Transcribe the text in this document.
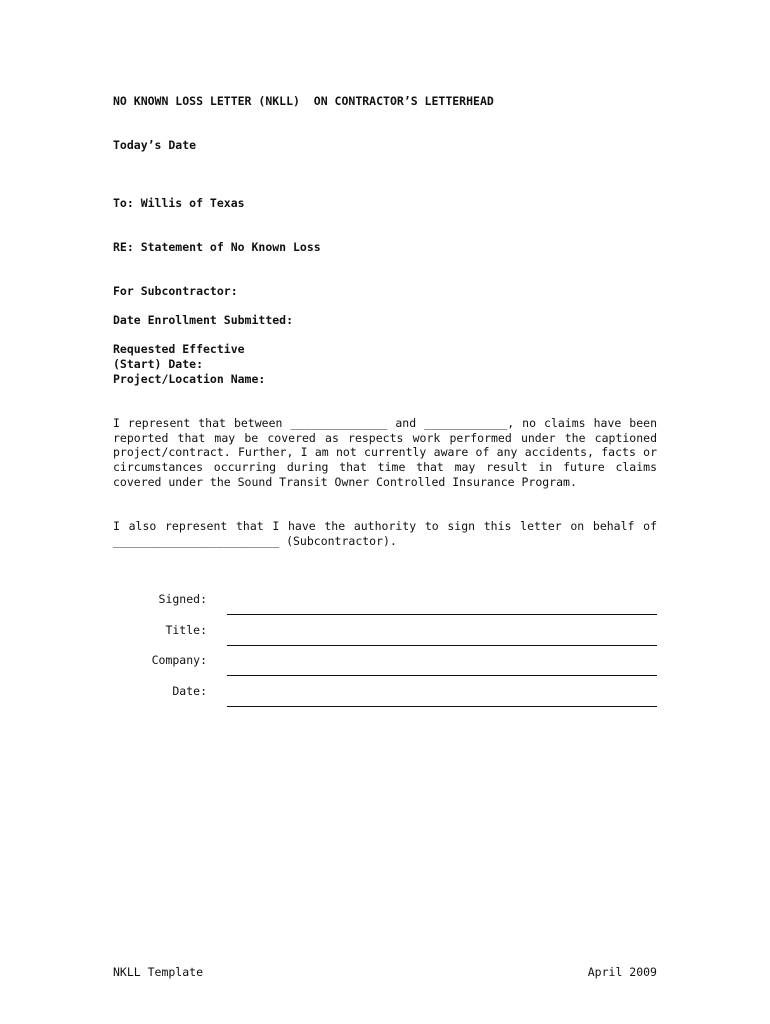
NO KNOWN LOSS LETTER (NKLL)  ON CONTRACTOR’S LETTERHEAD
Today’s Date
To: Willis of Texas
RE: Statement of No Known Loss
For Subcontractor:
Date Enrollment Submitted:
Requested Effective
(Start) Date:
Project/Location Name:

I represent that between ______________ and ____________, no claims have been reported that may be covered as respects work performed under the captioned project/contract. Further, I am not currently aware of any accidents, facts or circumstances occurring during that time that may result in future claims covered under the Sound Transit Owner Controlled Insurance Program.

I also represent that I have the authority to sign this letter on behalf of ________________________ (Subcontractor).

Signed:
Title:
Company:
Date:
NKLL Template	April 2009
